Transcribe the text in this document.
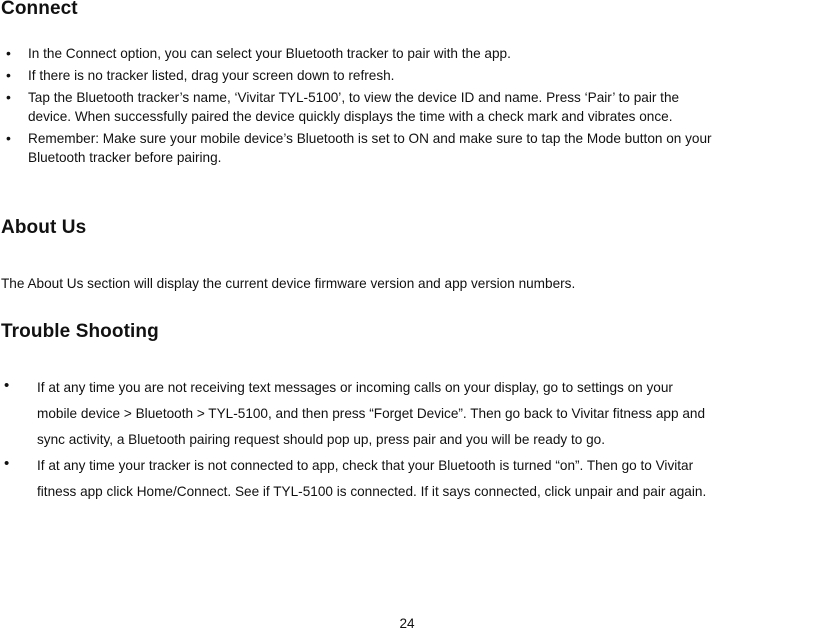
Connect
• In the Connect option, you can select your Bluetooth tracker to pair with the app.
• If there is no tracker listed, drag your screen down to refresh.
• Tap the Bluetooth tracker’s name, ‘Vivitar TYL-5100’, to view the device ID and name. Press ‘Pair’ to pair the
device. When successfully paired the device quickly displays the time with a check mark and vibrates once.
• Remember: Make sure your mobile device’s Bluetooth is set to ON and make sure to tap the Mode button on your
Bluetooth tracker before pairing.
About Us

The About Us section will display the current device firmware version and app version numbers.

Trouble Shooting
• If at any time you are not receiving text messages or incoming calls on your display, go to settings on your
mobile device > Bluetooth > TYL-5100, and then press “Forget Device”. Then go back to Vivitar fitness app and
sync activity, a Bluetooth pairing request should pop up, press pair and you will be ready to go.
• If at any time your tracker is not connected to app, check that your Bluetooth is turned “on”. Then go to Vivitar
fitness app click Home/Connect. See if TYL-5100 is connected. If it says connected, click unpair and pair again.
24
